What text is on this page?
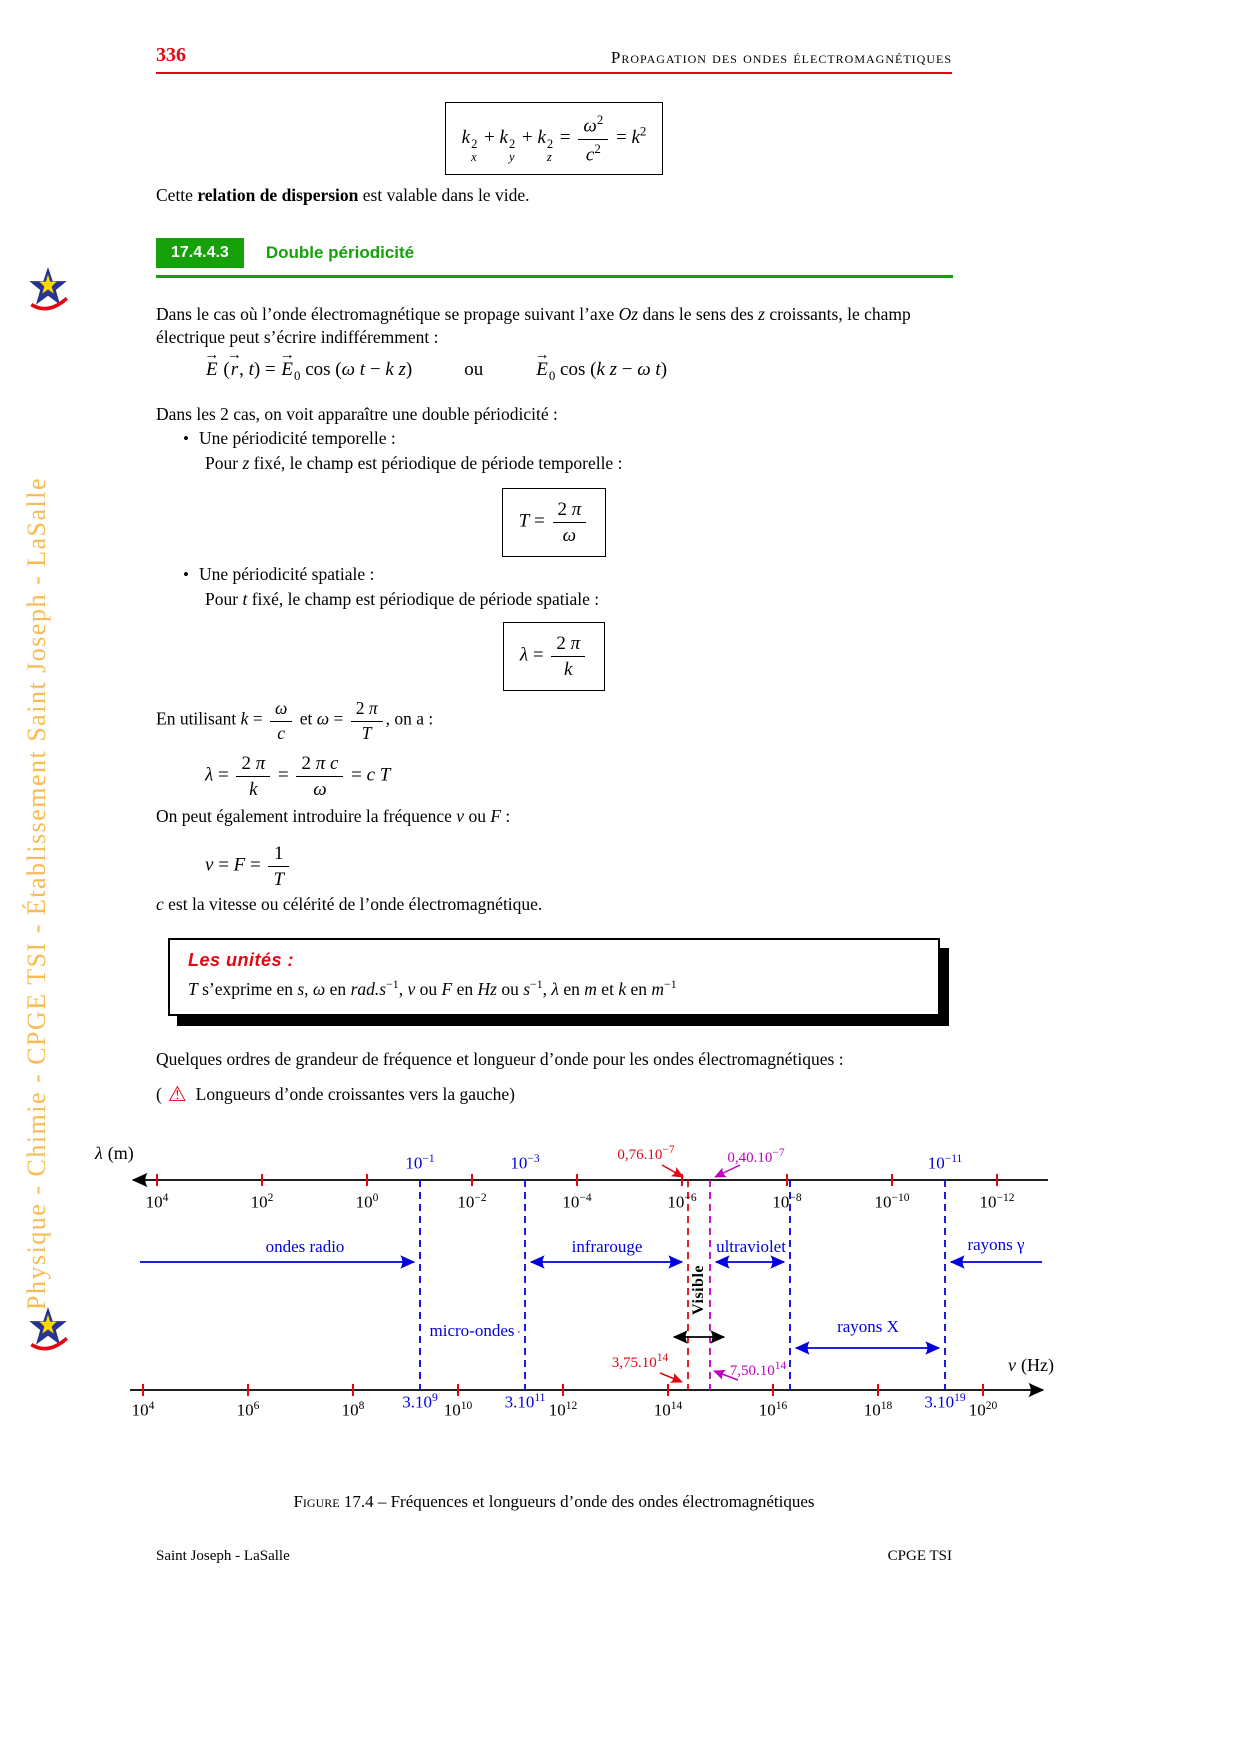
Physique - Chimie - CPGE TSI - Établissement Saint Joseph - LaSalle
336	Propagation des ondes électromagnétiques
k 2
x
+ k 2
y
+ k 2
z
= $\frac{\omega^2}{c^2} = k^2$
Cette relation de dispersion est valable dans le vide.
17.4.4.3	Double périodicité
Dans le cas où l’onde électromagnétique se propage suivant l’axe Oz dans le sens des z croissants, le champ électrique peut s’écrire indifféremment :
→
E (
→
r, t) =
→
$E_0$ cos (ω t − k z)	ou
→
$E_0$ cos (k z − ω t)
Dans les 2 cas, on voit apparaître une double périodicité :
• Une périodicité temporelle :
Pour z fixé, le champ est périodique de période temporelle :
$T = \frac{2 \pi}{\omega}$
• Une périodicité spatiale :
Pour t fixé, le champ est périodique de période spatiale :
$\lambda = \frac{2 \pi}{k}$
En utilisant $k = \frac{\omega}{c}$ et $\omega = \frac{2 \pi}{T}$ , on a :
$\lambda = \frac{2 \pi}{k} = \frac{\text{2 π c}}{\omega} = c$ T
On peut également introduire la fréquence ν ou F :
$\nu = F = \frac{1}{T}$
c est la vitesse ou célérité de l’onde électromagnétique.
Les unités :
T s’exprime en s, ω en $rad.s^{-1}$, ν ou F en Hz ou $s^{-1}$, λ en m et k en $m^{-1}$
Quelques ordres de grandeur de fréquence et longueur d’onde pour les ondes électromagnétiques :
( ⚠ Longueurs d’onde croissantes vers la gauche)
λ (m)
ν (Hz)
$0,76.10^{-7}$	$0,40.10^{-7}$
3,75.10$^{14}$
7,50.10$^{14}$
ondes radio	infrarouge	ultraviolet	rayons γ
micro-ondes	rayons X
Visible
$10^4$	$10^2$	$10^0$	$10^{-2}$	$10^{-4}$	$10^{-6}$	$10^{-8}$	$10^{-10}$	$10^{-12}$
$10^4$	$10^6$	$10^8$	$10^{10}$	$10^{12}$	$10^{14}$	$10^{16}$	$10^{18}$	$10^{20}$
$10^{-1}$	$10^{-3}$	$10^{-11}$
3.10$^9$	3.10$^{11}$	3.10$^{19}$
Figure 17.4 – Fréquences et longueurs d’onde des ondes électromagnétiques
Saint Joseph - LaSalle	CPGE TSI
